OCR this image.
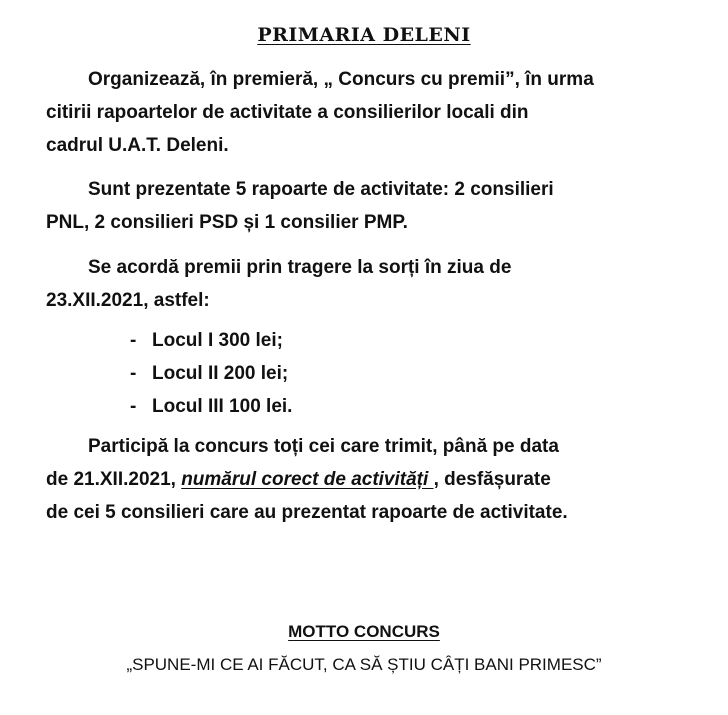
PRIMARIA DELENI

Organizează, în premieră, „ Concurs cu premii”, în urma
citirii rapoartelor de activitate a consilierilor locali din
cadrul U.A.T. Deleni.

Sunt prezentate 5 rapoarte de activitate: 2 consilieri
PNL, 2 consilieri PSD și 1 consilier PMP.

Se acordă premii prin tragere la sorți în ziua de
23.XII.2021, astfel:

- Locul I 300 lei;
- Locul II 200 lei;
- Locul III 100 lei.

Participă la concurs toți cei care trimit, până pe data
de 21.XII.2021, numărul corect de activități , desfășurate
de cei 5 consilieri care au prezentat rapoarte de activitate.

MOTTO CONCURS
„SPUNE-MI CE AI FĂCUT, CA SĂ ȘTIU CÂȚI BANI PRIMESC”
